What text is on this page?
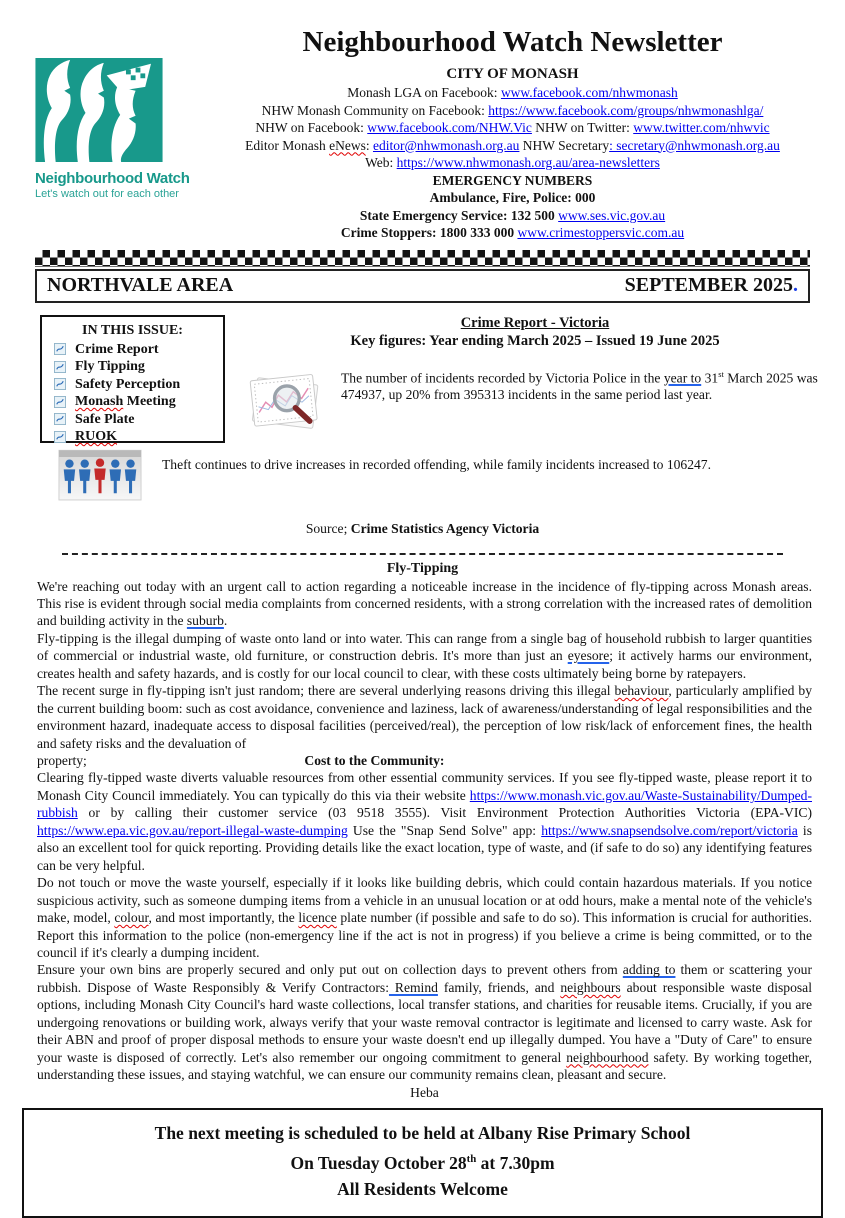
Neighbourhood Watch
Let's watch out for each other
Neighbourhood Watch Newsletter
CITY OF MONASH
Monash LGA on Facebook: www.facebook.com/nhwmonash
NHW Monash Community on Facebook: https://www.facebook.com/groups/nhwmonashlga/
NHW on Facebook: www.facebook.com/NHW.Vic NHW on Twitter: www.twitter.com/nhwvic
Editor Monash eNews: editor@nhwmonash.org.au NHW Secretary: secretary@nhwmonash.org.au
Web: https://www.nhwmonash.org.au/area-newsletters
EMERGENCY NUMBERS
Ambulance, Fire, Police: 000
State Emergency Service: 132 500 www.ses.vic.gov.au
Crime Stoppers: 1800 333 000 www.crimestoppersvic.com.au
NORTHVALE AREA	SEPTEMBER 2025.
IN THIS ISSUE:
Crime Report
Fly Tipping
Safety Perception
Monash Meeting
Safe Plate
RUOK
Crime Report - Victoria
Key figures: Year ending March 2025 – Issued 19 June 2025

The number of incidents recorded by Victoria Police in the year to 31st March 2025 was 474937, up 20% from 395313 incidents in the same period last year.

Theft continues to drive increases in recorded offending, while family incidents increased to 106247.

Source; Crime Statistics Agency Victoria
Fly-Tipping

We're reaching out today with an urgent call to action regarding a noticeable increase in the incidence of fly-tipping across Monash areas. This rise is evident through social media complaints from concerned residents, with a strong correlation with the increased rates of demolition and building activity in the suburb.

Fly-tipping is the illegal dumping of waste onto land or into water. This can range from a single bag of household rubbish to larger quantities of commercial or industrial waste, old furniture, or construction debris. It's more than just an eyesore; it actively harms our environment, creates health and safety hazards, and is costly for our local council to clear, with these costs ultimately being borne by ratepayers.

The recent surge in fly-tipping isn't just random; there are several underlying reasons driving this illegal behaviour, particularly amplified by the current building boom: such as cost avoidance, convenience and laziness, lack of awareness/understanding of legal responsibilities and the environment hazard, inadequate access to disposal facilities (perceived/real), the perception of low risk/lack of enforcement fines, the health and safety risks and the devaluation of

property;	Cost to the Community:

Clearing fly-tipped waste diverts valuable resources from other essential community services. If you see fly-tipped waste, please report it to Monash City Council immediately. You can typically do this via their website https://www.monash.vic.gov.au/Waste-Sustainability/Dumped-rubbish or by calling their customer service (03 9518 3555). Visit Environment Protection Authorities Victoria (EPA-VIC) https://www.epa.vic.gov.au/report-illegal-waste-dumping Use the "Snap Send Solve" app: https://www.snapsendsolve.com/report/victoria is also an excellent tool for quick reporting. Providing details like the exact location, type of waste, and (if safe to do so) any identifying features can be very helpful.

Do not touch or move the waste yourself, especially if it looks like building debris, which could contain hazardous materials. If you notice suspicious activity, such as someone dumping items from a vehicle in an unusual location or at odd hours, make a mental note of the vehicle's make, model, colour, and most importantly, the licence plate number (if possible and safe to do so). This information is crucial for authorities. Report this information to the police (non-emergency line if the act is not in progress) if you believe a crime is being committed, or to the council if it's clearly a dumping incident.

Ensure your own bins are properly secured and only put out on collection days to prevent others from adding to them or scattering your rubbish. Dispose of Waste Responsibly & Verify Contractors: Remind family, friends, and neighbours about responsible waste disposal options, including Monash City Council's hard waste collections, local transfer stations, and charities for reusable items. Crucially, if you are undergoing renovations or building work, always verify that your waste removal contractor is legitimate and licensed to carry waste. Ask for their ABN and proof of proper disposal methods to ensure your waste doesn't end up illegally dumped. You have a "Duty of Care" to ensure your waste is disposed of correctly. Let's also remember our ongoing commitment to general neighbourhood safety. By working together, understanding these issues, and staying watchful, we can ensure our community remains clean, pleasant and secure.

Heba
The next meeting is scheduled to be held at Albany Rise Primary School
On Tuesday October 28th at 7.30pm
All Residents Welcome
